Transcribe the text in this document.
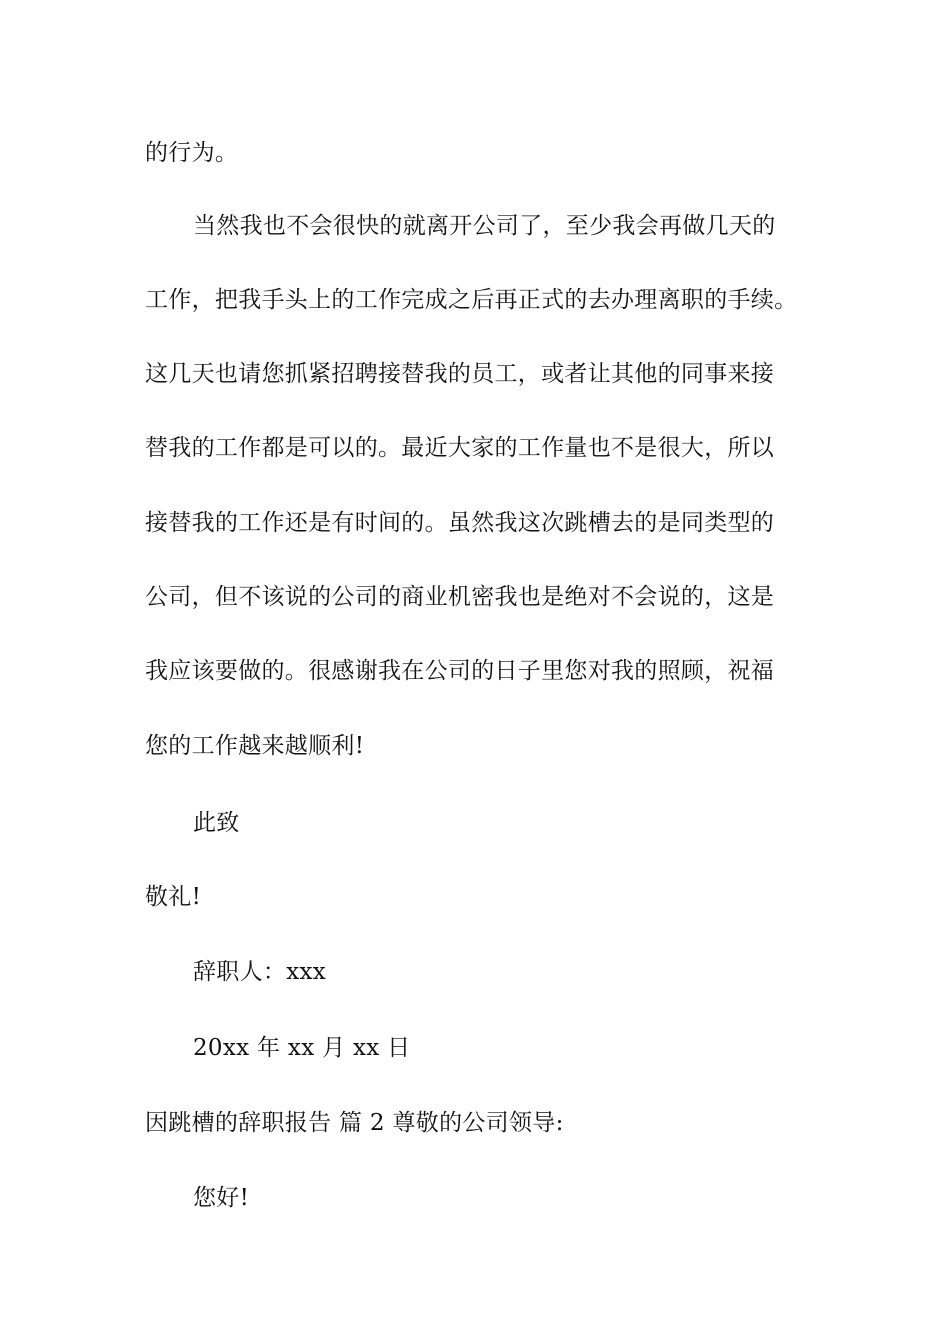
的行为。
当然我也不会很快的就离开公司了，至少我会再做几天的
工作，把我手头上的工作完成之后再正式的去办理离职的手续。
这几天也请您抓紧招聘接替我的员工，或者让其他的同事来接
替我的工作都是可以的。最近大家的工作量也不是很大，所以
接替我的工作还是有时间的。虽然我这次跳槽去的是同类型的
公司，但不该说的公司的商业机密我也是绝对不会说的，这是
我应该要做的。很感谢我在公司的日子里您对我的照顾，祝福
您的工作越来越顺利!
此致
敬礼!
辞职人：xxx
20xx 年 xx 月 xx 日
因跳槽的辞职报告 篇 2 尊敬的公司领导:
您好!
